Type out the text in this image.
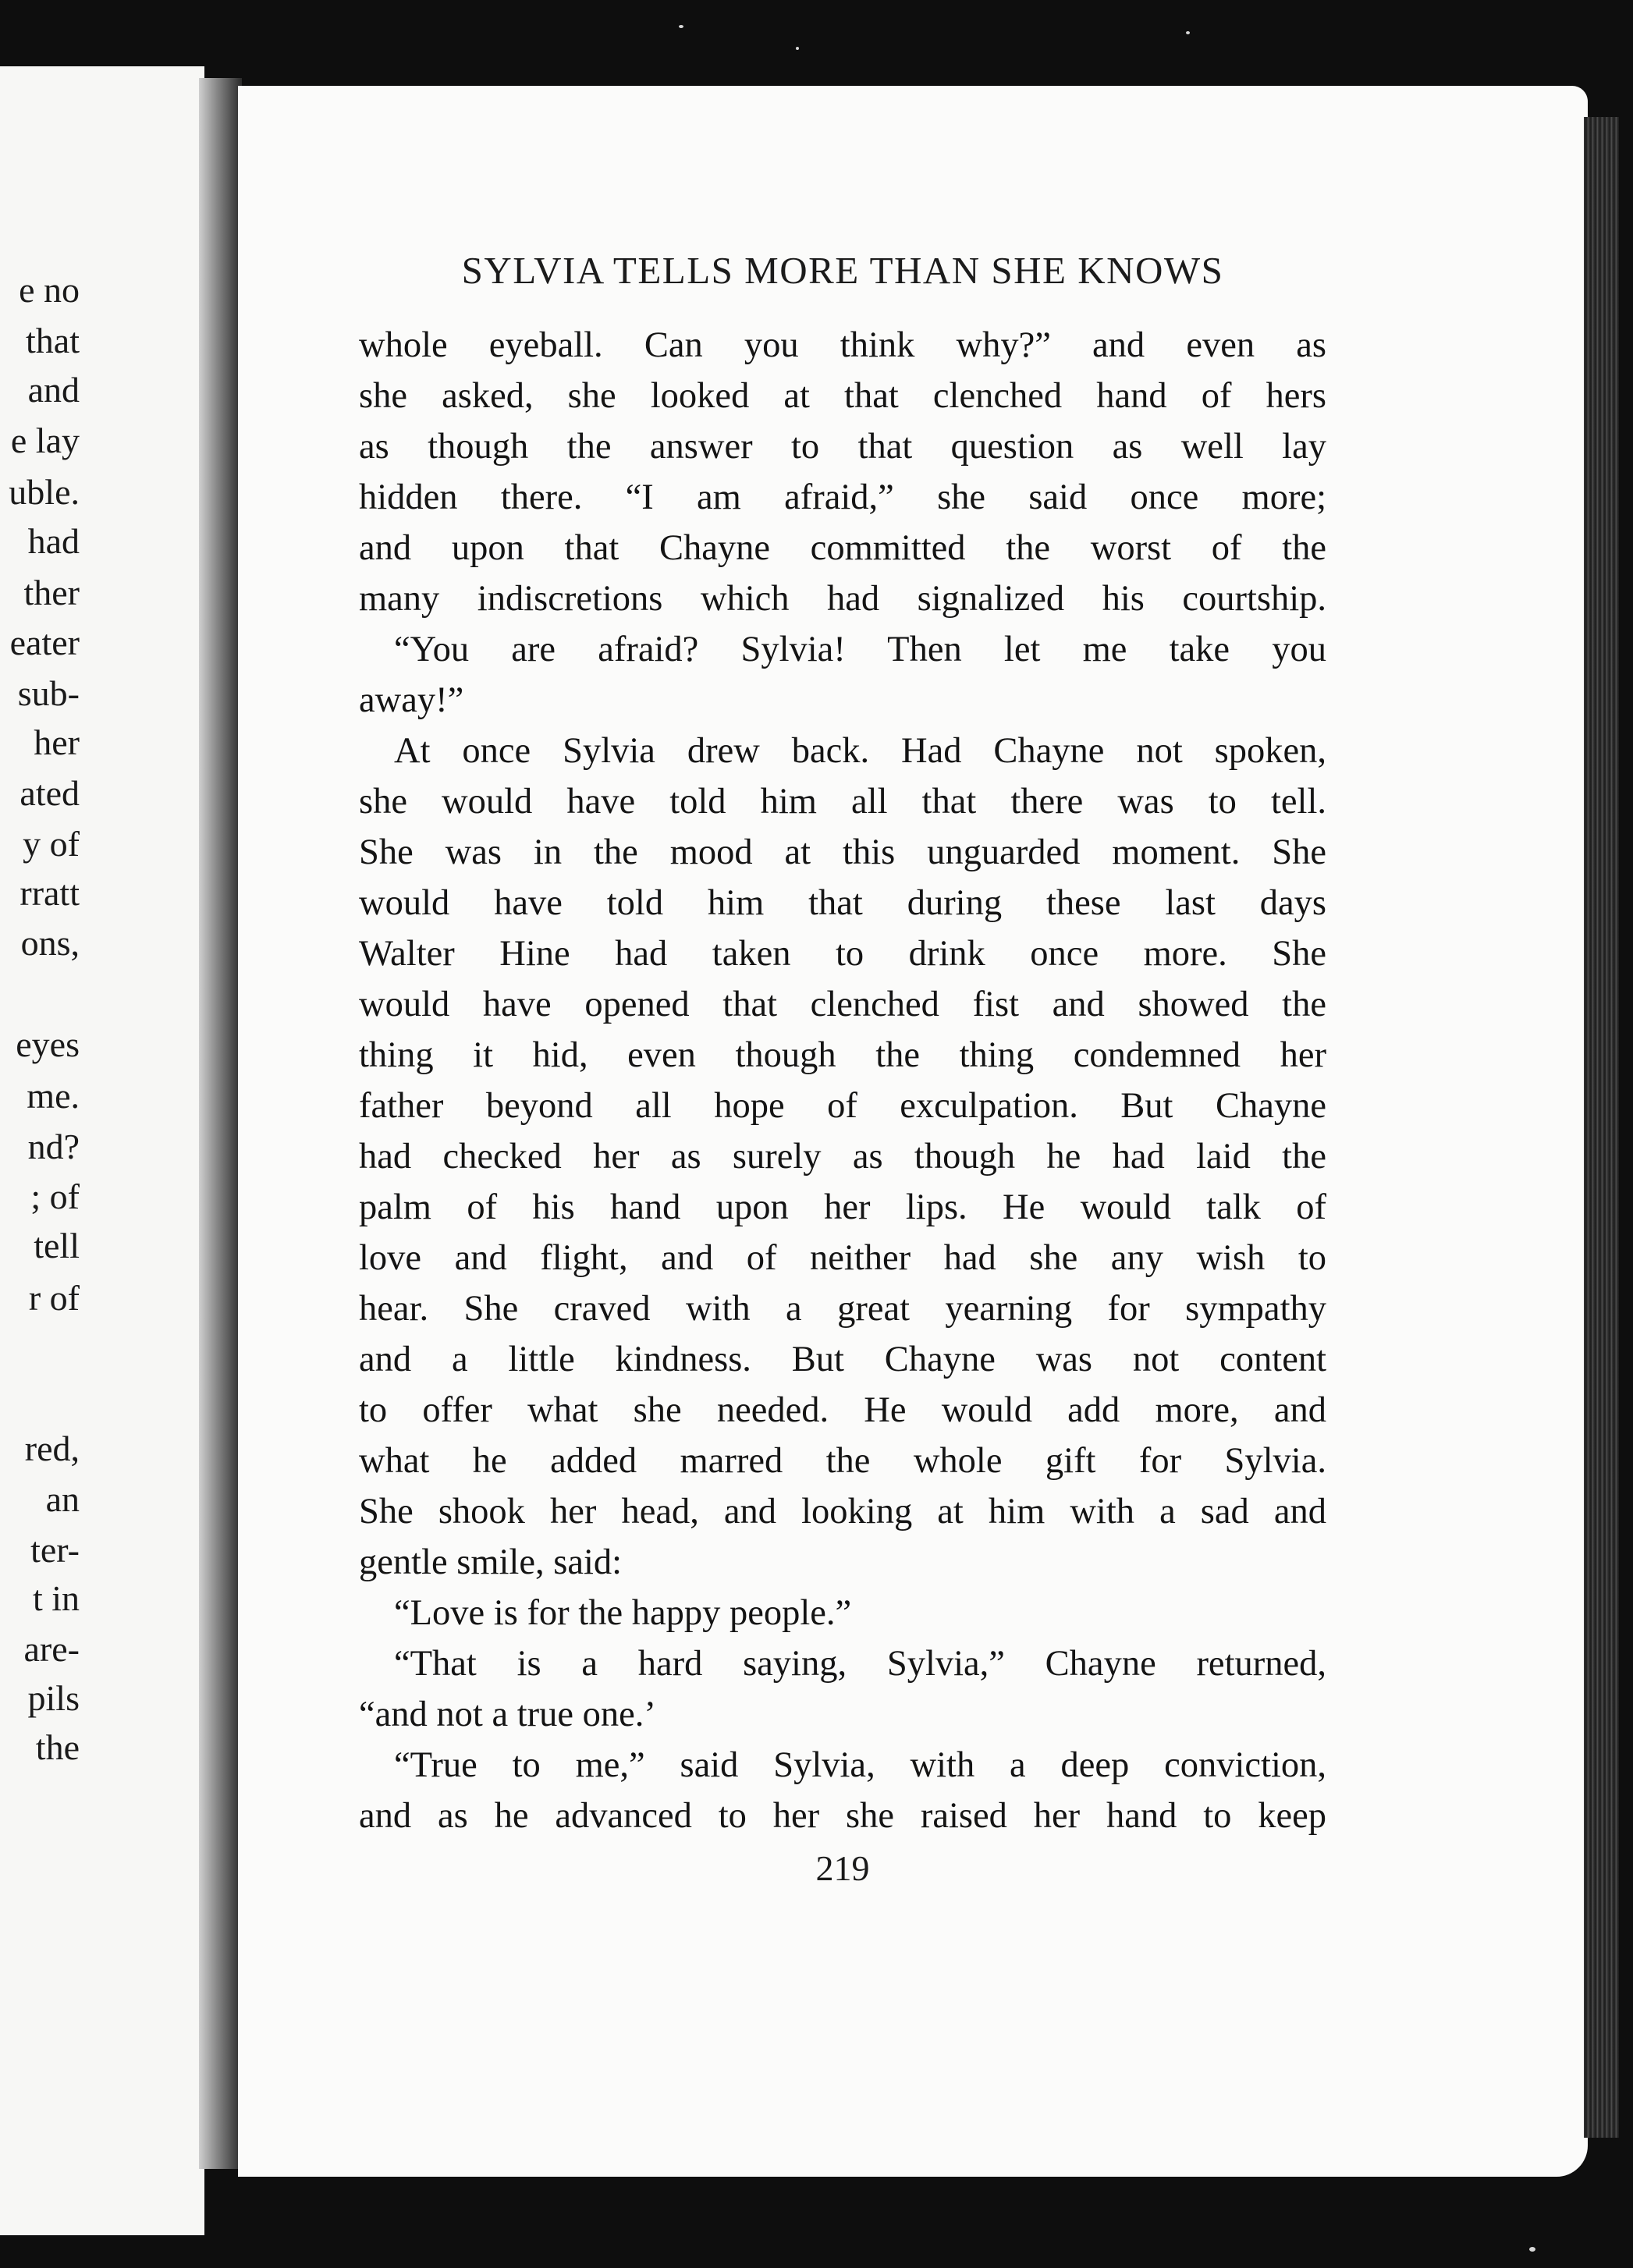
e no
that
and
e lay
uble.
had
ther
eater
sub-
her
ated
y of
rratt
ons,
eyes
me.
nd?
; of
tell
r of
red,
an
ter-
t in
are-
pils
the
SYLVIA TELLS MORE THAN SHE KNOWS
whole eyeball. Can you think why?” and even as
she asked, she looked at that clenched hand of hers
as though the answer to that question as well lay
hidden there. “I am afraid,” she said once more;
and upon that Chayne committed the worst of the
many indiscretions which had signalized his courtship.
“You are afraid? Sylvia! Then let me take you
away!”
At once Sylvia drew back. Had Chayne not spoken,
she would have told him all that there was to tell.
She was in the mood at this unguarded moment. She
would have told him that during these last days
Walter Hine had taken to drink once more. She
would have opened that clenched fist and showed the
thing it hid, even though the thing condemned her
father beyond all hope of exculpation. But Chayne
had checked her as surely as though he had laid the
palm of his hand upon her lips. He would talk of
love and flight, and of neither had she any wish to
hear. She craved with a great yearning for sympathy
and a little kindness. But Chayne was not content
to offer what she needed. He would add more, and
what he added marred the whole gift for Sylvia.
She shook her head, and looking at him with a sad and
gentle smile, said:
“Love is for the happy people.”
“That is a hard saying, Sylvia,” Chayne returned,
“and not a true one.’
“True to me,” said Sylvia, with a deep conviction,
and as he advanced to her she raised her hand to keep
219
